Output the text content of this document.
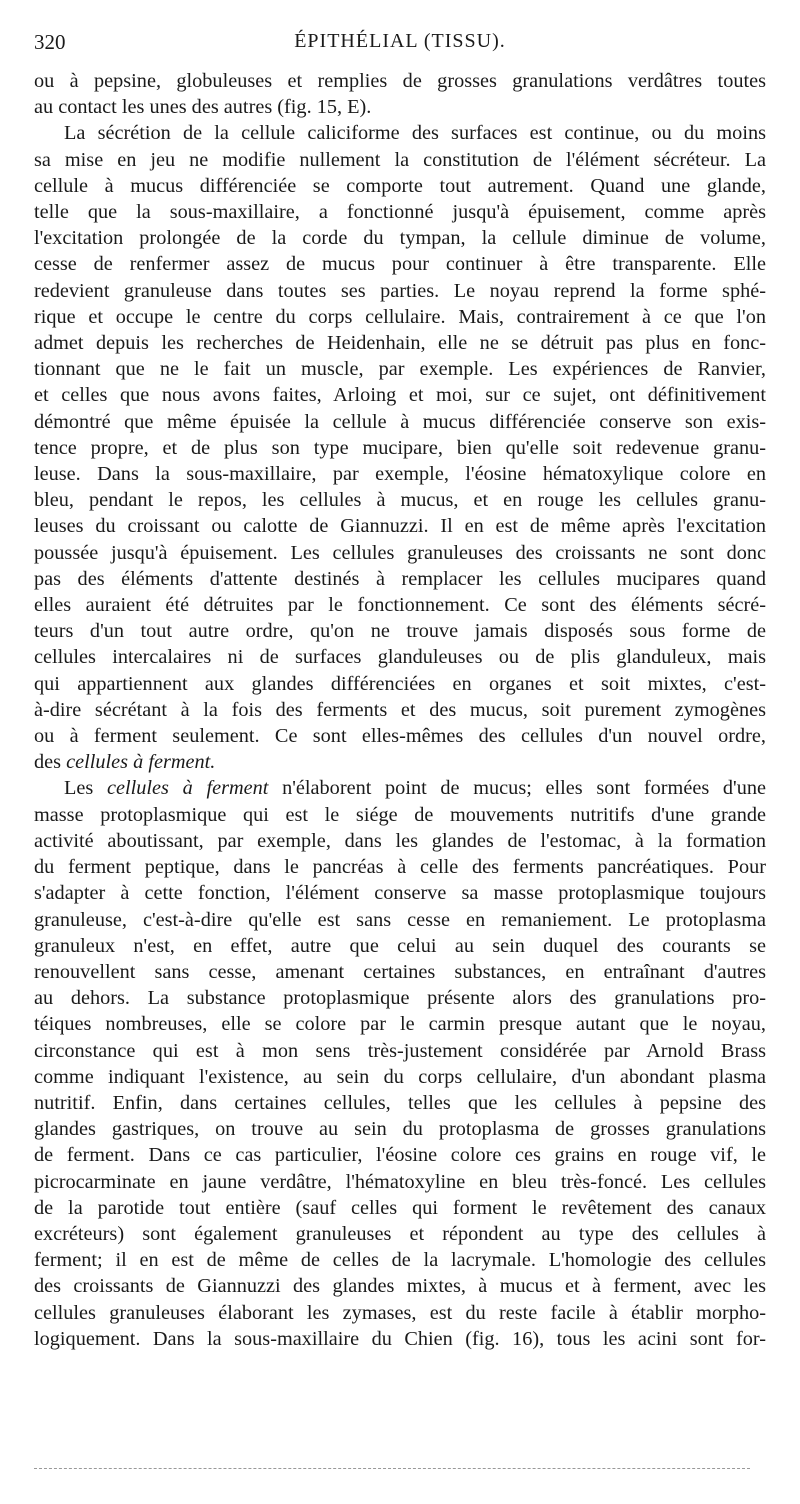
320	ÉPITHÉLIAL (TISSU).
ou à pepsine, globuleuses et remplies de grosses granulations verdâtres toutes
au contact les unes des autres (fig. 15, E).
La sécrétion de la cellule caliciforme des surfaces est continue, ou du moins
sa mise en jeu ne modifie nullement la constitution de l'élément sécréteur. La
cellule à mucus différenciée se comporte tout autrement. Quand une glande,
telle que la sous-maxillaire, a fonctionné jusqu'à épuisement, comme après
l'excitation prolongée de la corde du tympan, la cellule diminue de volume,
cesse de renfermer assez de mucus pour continuer à être transparente. Elle
redevient granuleuse dans toutes ses parties. Le noyau reprend la forme sphé-
rique et occupe le centre du corps cellulaire. Mais, contrairement à ce que l'on
admet depuis les recherches de Heidenhain, elle ne se détruit pas plus en fonc-
tionnant que ne le fait un muscle, par exemple. Les expériences de Ranvier,
et celles que nous avons faites, Arloing et moi, sur ce sujet, ont définitivement
démontré que même épuisée la cellule à mucus différenciée conserve son exis-
tence propre, et de plus son type mucipare, bien qu'elle soit redevenue granu-
leuse. Dans la sous-maxillaire, par exemple, l'éosine hématoxylique colore en
bleu, pendant le repos, les cellules à mucus, et en rouge les cellules granu-
leuses du croissant ou calotte de Giannuzzi. Il en est de même après l'excitation
poussée jusqu'à épuisement. Les cellules granuleuses des croissants ne sont donc
pas des éléments d'attente destinés à remplacer les cellules mucipares quand
elles auraient été détruites par le fonctionnement. Ce sont des éléments sécré-
teurs d'un tout autre ordre, qu'on ne trouve jamais disposés sous forme de
cellules intercalaires ni de surfaces glanduleuses ou de plis glanduleux, mais
qui appartiennent aux glandes différenciées en organes et soit mixtes, c'est-
à-dire sécrétant à la fois des ferments et des mucus, soit purement zymogènes
ou à ferment seulement. Ce sont elles-mêmes des cellules d'un nouvel ordre,
des cellules à ferment.
Les cellules à ferment n'élaborent point de mucus; elles sont formées d'une
masse protoplasmique qui est le siége de mouvements nutritifs d'une grande
activité aboutissant, par exemple, dans les glandes de l'estomac, à la formation
du ferment peptique, dans le pancréas à celle des ferments pancréatiques. Pour
s'adapter à cette fonction, l'élément conserve sa masse protoplasmique toujours
granuleuse, c'est-à-dire qu'elle est sans cesse en remaniement. Le protoplasma
granuleux n'est, en effet, autre que celui au sein duquel des courants se
renouvellent sans cesse, amenant certaines substances, en entraînant d'autres
au dehors. La substance protoplasmique présente alors des granulations pro-
téiques nombreuses, elle se colore par le carmin presque autant que le noyau,
circonstance qui est à mon sens très-justement considérée par Arnold Brass
comme indiquant l'existence, au sein du corps cellulaire, d'un abondant plasma
nutritif. Enfin, dans certaines cellules, telles que les cellules à pepsine des
glandes gastriques, on trouve au sein du protoplasma de grosses granulations
de ferment. Dans ce cas particulier, l'éosine colore ces grains en rouge vif, le
picrocarminate en jaune verdâtre, l'hématoxyline en bleu très-foncé. Les cellules
de la parotide tout entière (sauf celles qui forment le revêtement des canaux
excréteurs) sont également granuleuses et répondent au type des cellules à
ferment; il en est de même de celles de la lacrymale. L'homologie des cellules
des croissants de Giannuzzi des glandes mixtes, à mucus et à ferment, avec les
cellules granuleuses élaborant les zymases, est du reste facile à établir morpho-
logiquement. Dans la sous-maxillaire du Chien (fig. 16), tous les acini sont for-
